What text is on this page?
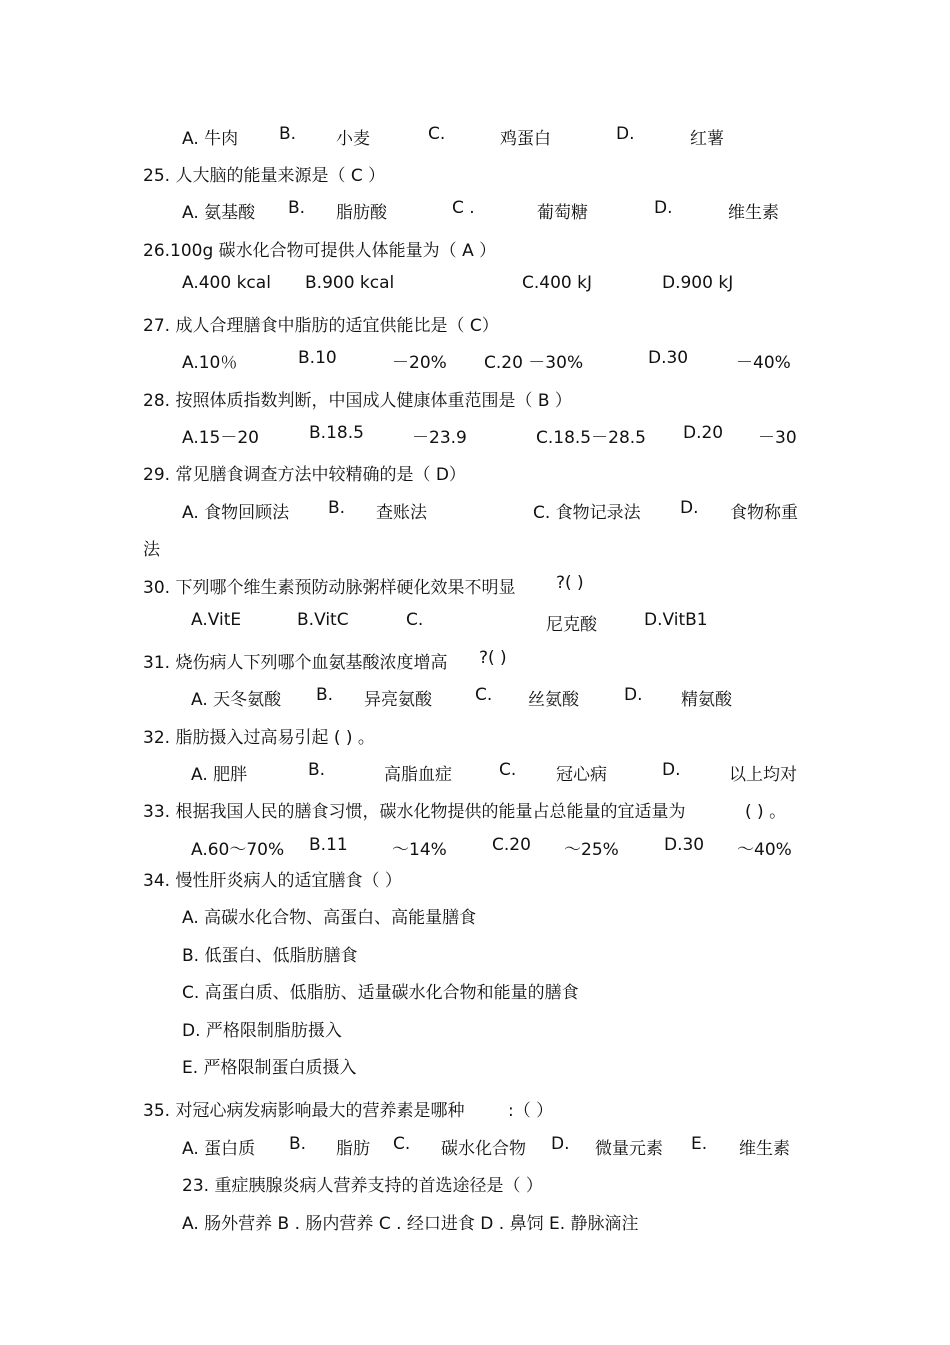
A. 牛肉 B. 小麦	C.	鸡蛋白	D.	红薯
25. 人大脑的能量来源是（ C ）
A. 氨基酸 B. 脂肪酸	C .	葡萄糖	D.	维生素
26.100g 碳水化合物可提供人体能量为（ A ）
A.400 kcal B.900 kcal	C.400 kJ	D.900 kJ
27. 成人合理膳食中脂肪的适宜供能比是（ C）
A.10％	B.10	－20% C.20 －30%	D.30	－40%
28. 按照体质指数判断，中国成人健康体重范围是（ B ）
A.15－20	B.18.5	－23.9	C.18.5－28.5 D.20 －30
29. 常见膳食调查方法中较精确的是（ D）
A. 食物回顾法 B. 查账法	C. 食物记录法 D. 食物称重
法
30. 下列哪个维生素预防动脉粥样硬化效果不明显 ?( )
A.VitE	B.VitC	C.	尼克酸	D.VitB1
31. 烧伤病人下列哪个血氨基酸浓度增高 ?( )
A. 天冬氨酸 B. 异亮氨酸	C. 丝氨酸	D. 精氨酸
32. 脂肪摄入过高易引起 ( ) 。
A. 肥胖	B.	高脂血症	C. 冠心病	D.	以上均对
33. 根据我国人民的膳食习惯，碳水化物提供的能量占总能量的宜适量为	( ) 。
A.60～70% B.11	～14%	C.20 ～25%	D.30 ～40%
34. 慢性肝炎病人的适宜膳食（ ）
A. 高碳水化合物、高蛋白、高能量膳食
B. 低蛋白、低脂肪膳食
C. 高蛋白质、低脂肪、适量碳水化合物和能量的膳食
D. 严格限制脂肪摄入
E. 严格限制蛋白质摄入
35. 对冠心病发病影响最大的营养素是哪种	:（ ）
A. 蛋白质 B. 脂肪 C. 碳水化合物 D. 微量元素 E. 维生素
23. 重症胰腺炎病人营养支持的首选途径是（ ）
A. 肠外营养 B . 肠内营养 C . 经口进食 D . 鼻饲 E. 静脉滴注
